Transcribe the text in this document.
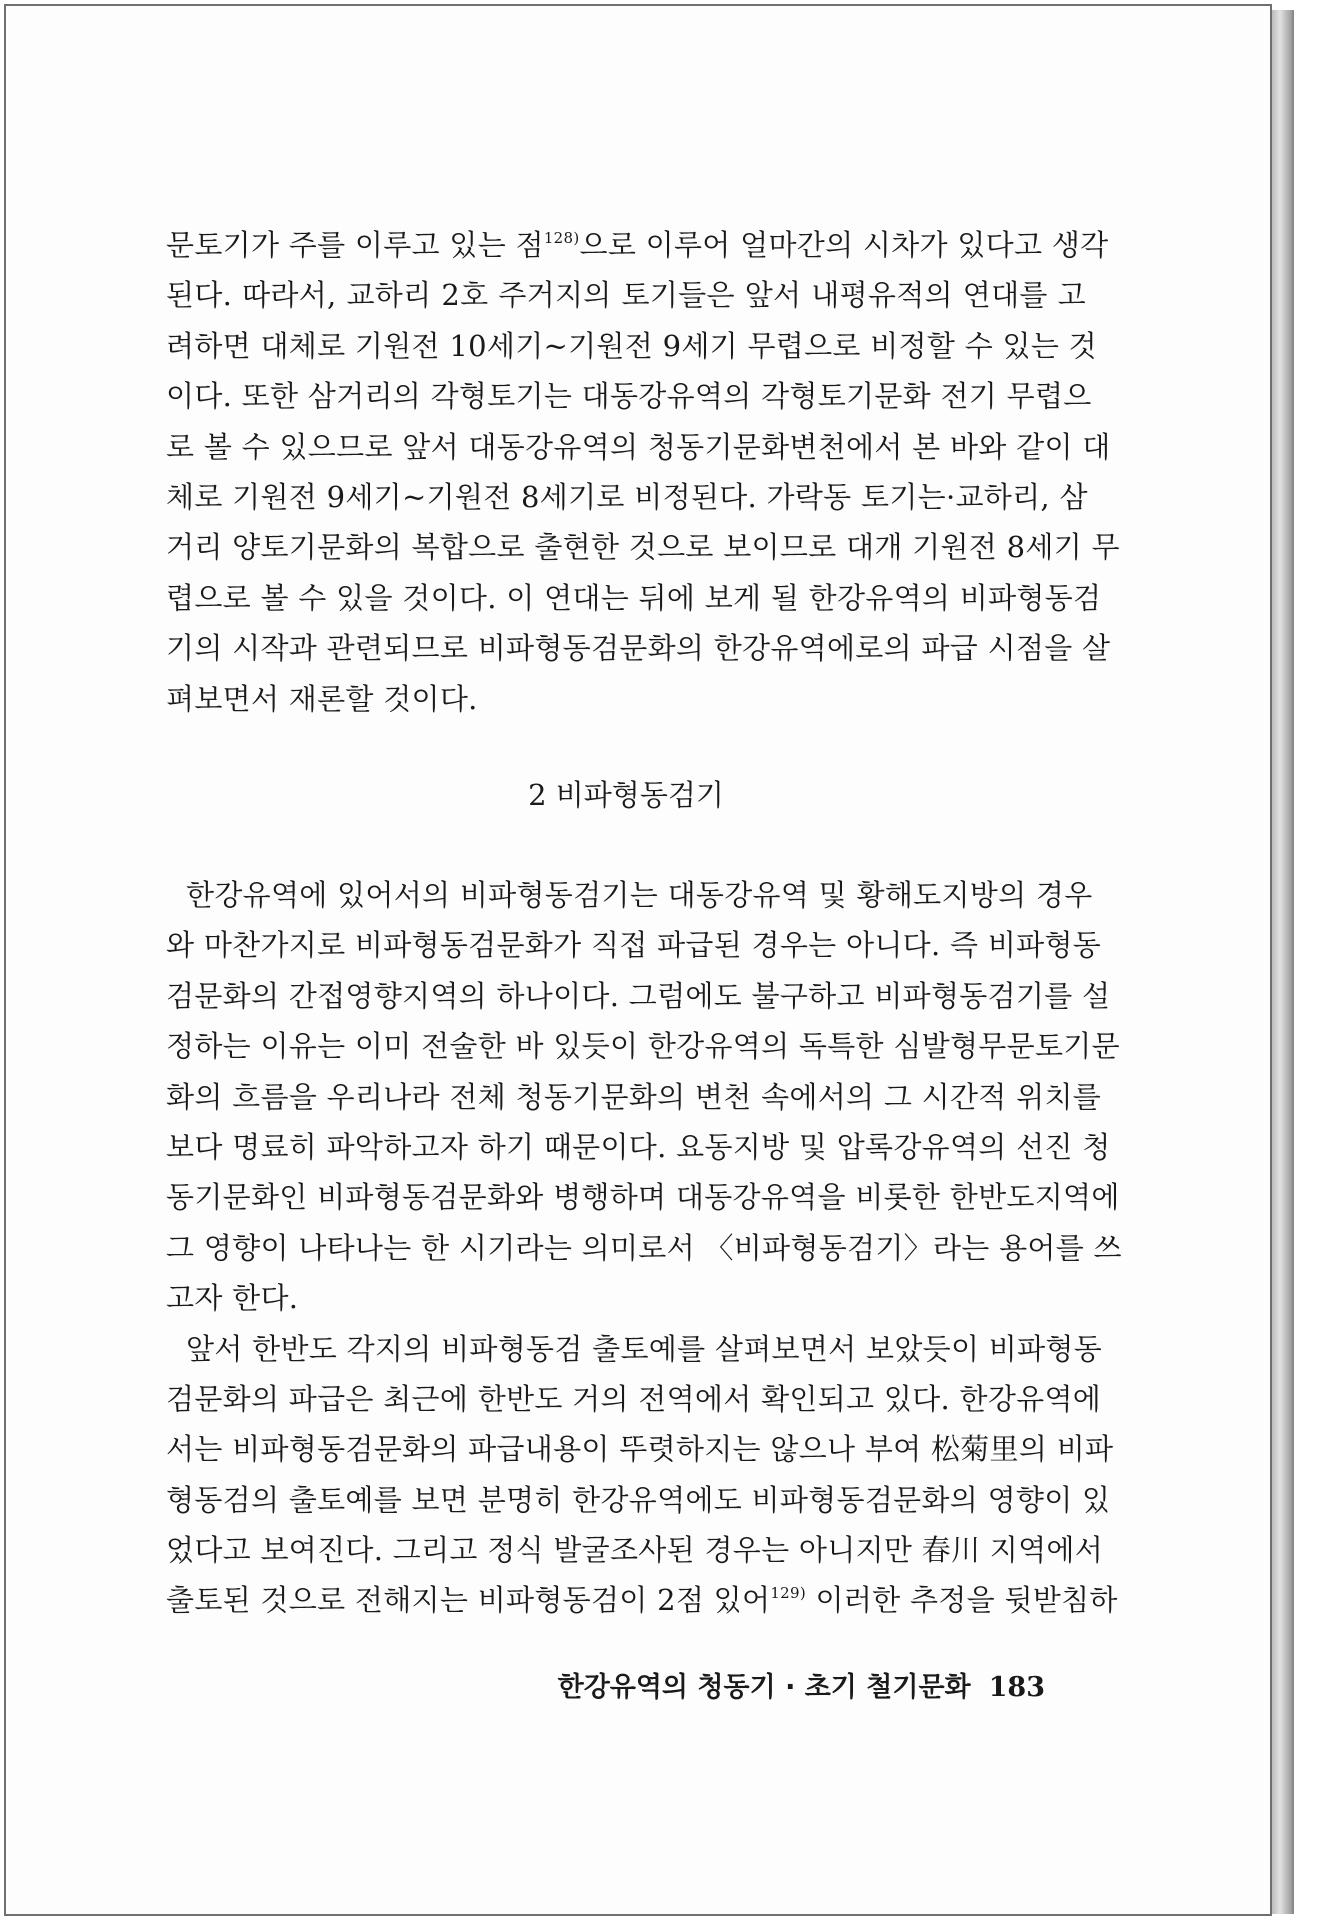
문토기가 주를 이루고 있는 점$^{128)}$으로 이루어 얼마간의 시차가 있다고 생각
된다. 따라서, 교하리 2호 주거지의 토기들은 앞서 내평유적의 연대를 고
려하면 대체로 기원전 10세기~기원전 9세기 무렵으로 비정할 수 있는 것
이다. 또한 삼거리의 각형토기는 대동강유역의 각형토기문화 전기 무렵으
로 볼 수 있으므로 앞서 대동강유역의 청동기문화변천에서 본 바와 같이 대
체로 기원전 9세기~기원전 8세기로 비정된다. 가락동 토기는·교하리, 삼
거리 양토기문화의 복합으로 출현한 것으로 보이므로 대개 기원전 8세기 무
렵으로 볼 수 있을 것이다. 이 연대는 뒤에 보게 될 한강유역의 비파형동검
기의 시작과 관련되므로 비파형동검문화의 한강유역에로의 파급 시점을 살
펴보면서 재론할 것이다.
2 비파형동검기
한강유역에 있어서의 비파형동검기는 대동강유역 및 황해도지방의 경우
와 마찬가지로 비파형동검문화가 직접 파급된 경우는 아니다. 즉 비파형동
검문화의 간접영향지역의 하나이다. 그럼에도 불구하고 비파형동검기를 설
정하는 이유는 이미 전술한 바 있듯이 한강유역의 독특한 심발형무문토기문
화의 흐름을 우리나라 전체 청동기문화의 변천 속에서의 그 시간적 위치를
보다 명료히 파악하고자 하기 때문이다. 요동지방 및 압록강유역의 선진 청
동기문화인 비파형동검문화와 병행하며 대동강유역을 비롯한 한반도지역에
그 영향이 나타나는 한 시기라는 의미로서 〈비파형동검기〉라는 용어를 쓰
고자 한다.
앞서 한반도 각지의 비파형동검 출토예를 살펴보면서 보았듯이 비파형동
검문화의 파급은 최근에 한반도 거의 전역에서 확인되고 있다. 한강유역에
서는 비파형동검문화의 파급내용이 뚜렷하지는 않으나 부여 松菊里의 비파
형동검의 출토예를 보면 분명히 한강유역에도 비파형동검문화의 영향이 있
었다고 보여진다. 그리고 정식 발굴조사된 경우는 아니지만 春川 지역에서
출토된 것으로 전해지는 비파형동검이 2점 있어$^{129)}$ 이러한 추정을 뒷받침하
한강유역의 청동기 · 초기 철기문화 183
